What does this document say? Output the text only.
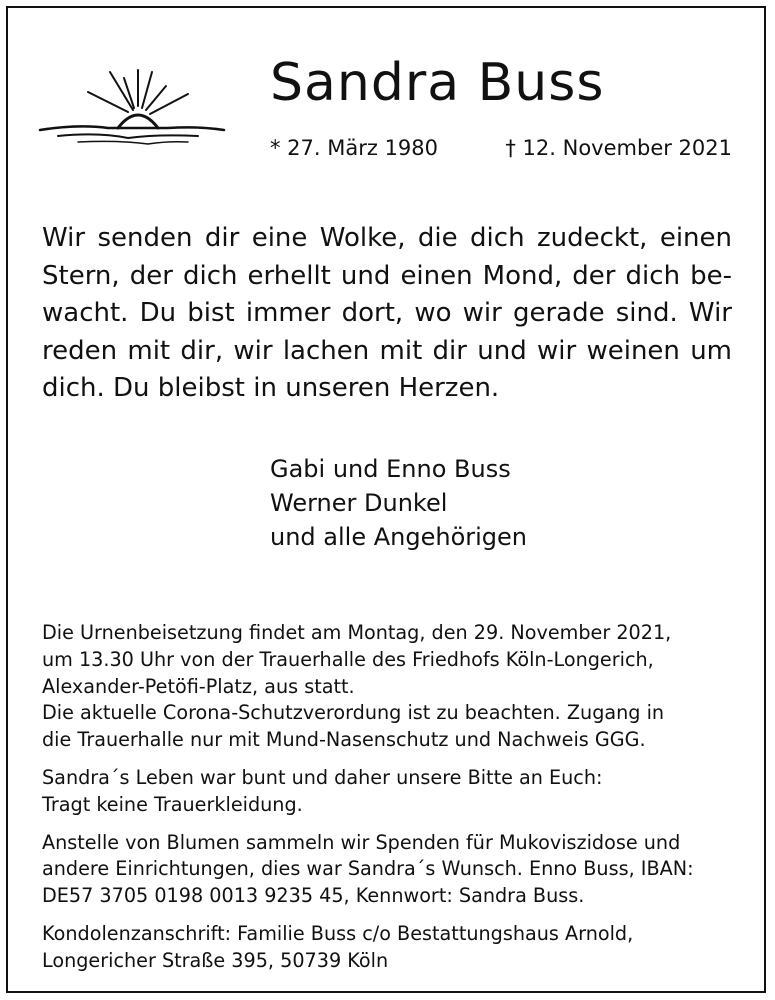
Sandra Buss
* 27. März 1980	† 12. November 2021

Wir senden dir eine Wolke, die dich zudeckt, einen Stern, der dich erhellt und einen Mond, der dich bewacht. Du bist immer dort, wo wir gerade sind. Wir reden mit dir, wir lachen mit dir und wir weinen um dich. Du bleibst in unseren Herzen.

Gabi und Enno Buss
Werner Dunkel
und alle Angehörigen

Die Urnenbeisetzung findet am Montag, den 29. November 2021,
um 13.30 Uhr von der Trauerhalle des Friedhofs Köln-Longerich,
Alexander-Petöfi-Platz, aus statt.
Die aktuelle Corona-Schutzverordung ist zu beachten. Zugang in
die Trauerhalle nur mit Mund-Nasenschutz und Nachweis GGG.

Sandra´s Leben war bunt und daher unsere Bitte an Euch:
Tragt keine Trauerkleidung.

Anstelle von Blumen sammeln wir Spenden für Mukoviszidose und
andere Einrichtungen, dies war Sandra´s Wunsch. Enno Buss, IBAN:
DE57 3705 0198 0013 9235 45, Kennwort: Sandra Buss.

Kondolenzanschrift: Familie Buss c/o Bestattungshaus Arnold,
Longericher Straße 395, 50739 Köln
